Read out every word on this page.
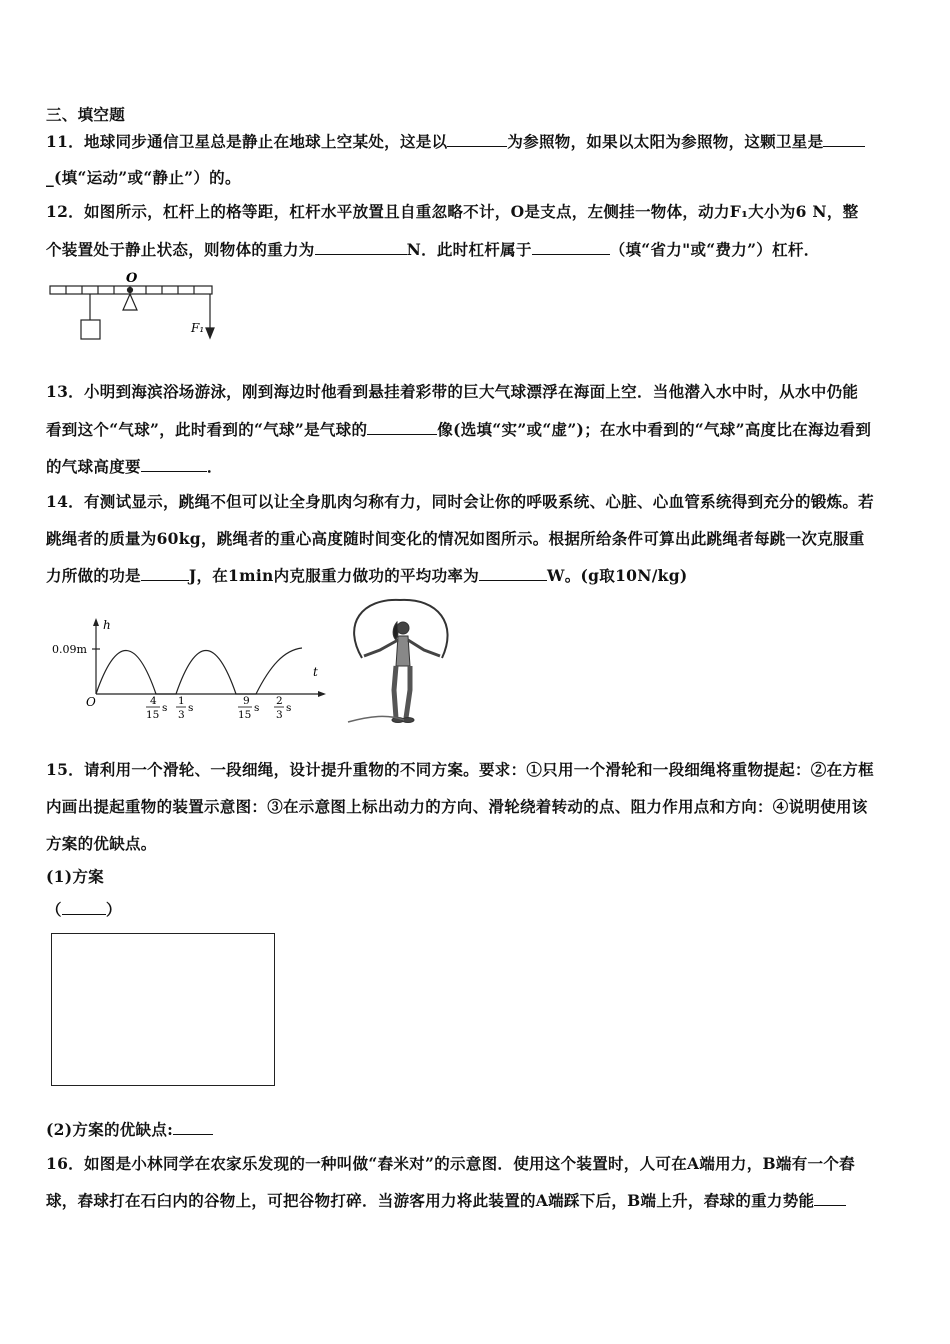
三、填空题
11．地球同步通信卫星总是静止在地球上空某处，这是以	为参照物，如果以太阳为参照物，这颗卫星是
_(填“运动”或“静止”）的。
12．如图所示，杠杆上的格等距，杠杆水平放置且自重忽略不计，O是支点，左侧挂一物体，动力F₁大小为6 N，整
个装置处于静止状态，则物体的重力为	N．此时杠杆属于	（填“省力"或“费力”）杠杆．
O
F₁
13．小明到海滨浴场游泳，刚到海边时他看到悬挂着彩带的巨大气球漂浮在海面上空．当他潜入水中时，从水中仍能
看到这个“气球”，此时看到的“气球”是气球的	像(选填“实”或“虚”)；在水中看到的“气球”高度比在海边看到
的气球高度要	．
14．有测试显示，跳绳不但可以让全身肌肉匀称有力，同时会让你的呼吸系统、心脏、心血管系统得到充分的锻炼。若
跳绳者的质量为60kg，跳绳者的重心高度随时间变化的情况如图所示。根据所给条件可算出此跳绳者每跳一次克服重
力所做的功是	J，在1min内克服重力做功的平均功率为	W。(g取10N/kg)
h
t
0.09m
O	4
15
s
1
3
s
9
15
s
2
3
s
15．请利用一个滑轮、一段细绳，设计提升重物的不同方案。要求：①只用一个滑轮和一段细绳将重物提起：②在方框
内画出提起重物的装置示意图：③在示意图上标出动力的方向、滑轮绕着转动的点、阻力作用点和方向：④说明使用该
方案的优缺点。
(1)方案
（	）
(2)方案的优缺点:
16．如图是小林同学在农家乐发现的一种叫做“舂米对”的示意图．使用这个装置时，人可在A端用力，B端有一个舂
球，舂球打在石臼内的谷物上，可把谷物打碎．当游客用力将此装置的A端踩下后，B端上升，舂球的重力势能
